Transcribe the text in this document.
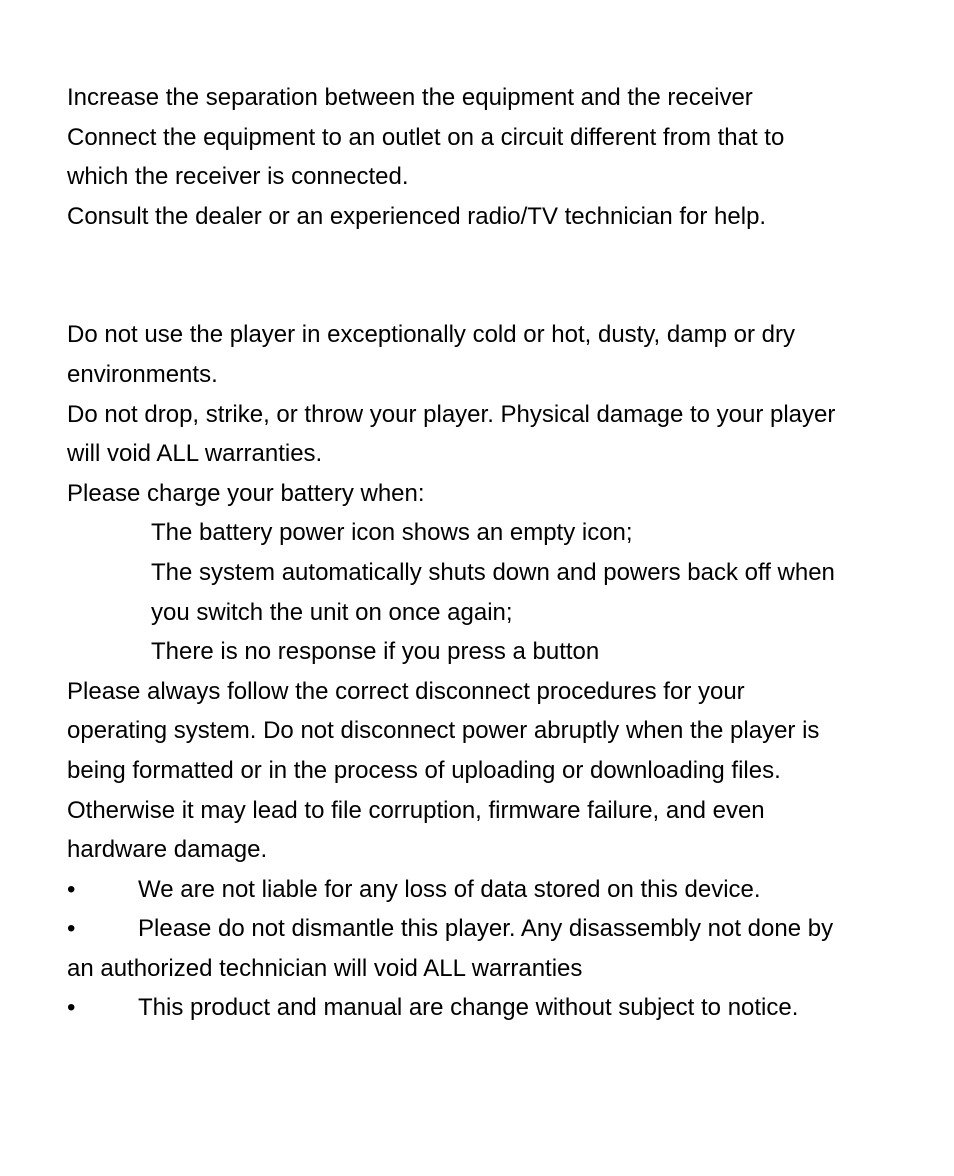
Increase the separation between the equipment and the receiver
Connect the equipment to an outlet on a circuit different from that to
which the receiver is connected.
Consult the dealer or an experienced radio/TV technician for help.
Do not use the player in exceptionally cold or hot, dusty, damp or dry
environments.
Do not drop, strike, or throw your player. Physical damage to your player
will void ALL warranties.
Please charge your battery when:
The battery power icon shows an empty icon;
The system automatically shuts down and powers back off when
you switch the unit on once again;
There is no response if you press a button
Please always follow the correct disconnect procedures for your
operating system. Do not disconnect power abruptly when the player is
being formatted or in the process of uploading or downloading files.
Otherwise it may lead to file corruption, firmware failure, and even
hardware damage.
•	We are not liable for any loss of data stored on this device.
•	Please do not dismantle this player. Any disassembly not done by
an authorized technician will void ALL warranties
•	This product and manual are change without subject to notice.
